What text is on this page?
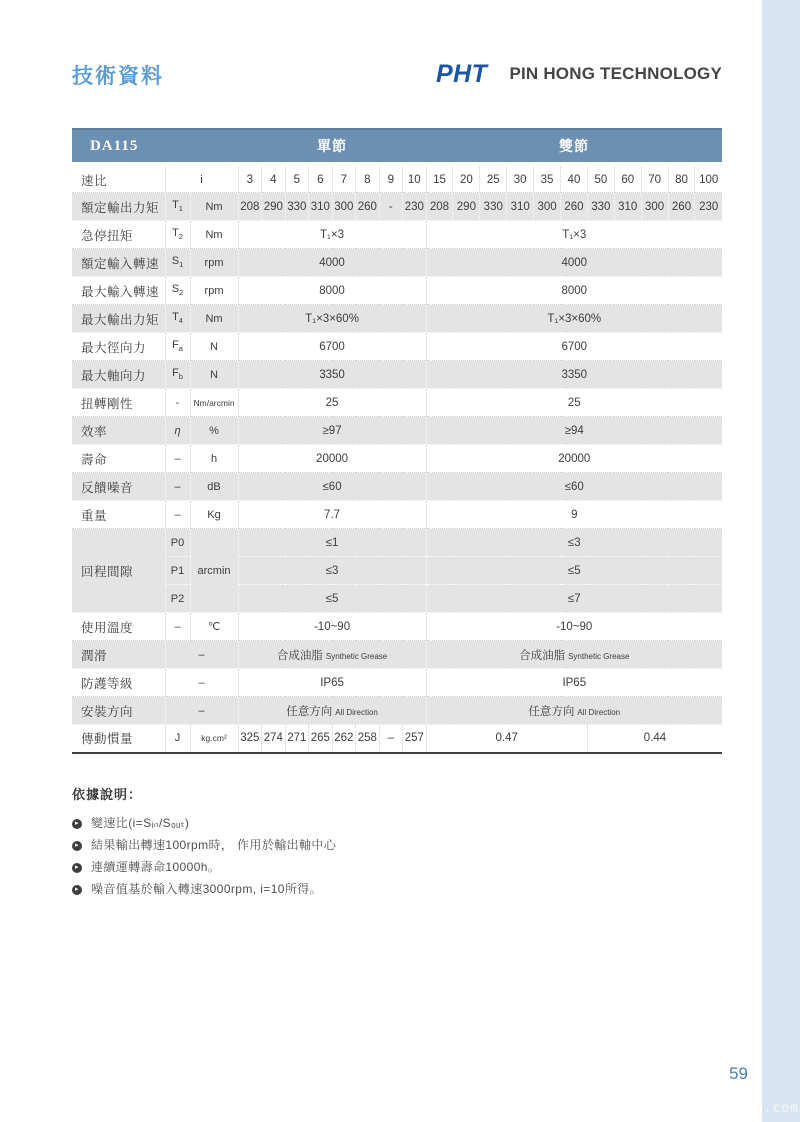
技術資料	PHT PIN HONG TECHNOLOGY
DA115			單節								雙節										
速比	i		3	4	5	6	7	8	9	10	15	20	25	30	35	40	50	60	70	80	100
額定輸出力矩	$T_1$	Nm	208	290	330	310	300	260	-	230	208	290	330	310	300	260	330	310	300	260	230
急停扭矩	$T_2$	Nm	T₁×3								T₁×3										
額定輸入轉速	$S_1$	rpm	4000								4000										
最大輸入轉速	$S_2$	rpm	8000								8000										
最大輸出力矩	$T_4$	Nm	T₁×3×60%								T₁×3×60%										
最大徑向力	$F_a$	N	6700								6700										
最大軸向力	$F_b$	N	3350								3350										
扭轉剛性	-	Nm/arcmin	25								25										
效率	η	%	≥97								≥94										
壽命	–	h	20000								20000										
反饋噪音	–	dB	≤60								≤60										
重量	–	Kg	7.7								9										
回程間隙	P0	arcmin	≤1								≤3										
	P1		≤3								≤5										
	P2		≤5								≤7										
使用溫度	–	℃	-10~90								-10~90										
潤滑	–		合成油脂 Synthetic Grease								合成油脂 Synthetic Grease										
防護等級	–		IP65								IP65										
安裝方向	–		任意方向 All Direction								任意方向 All Direction										
傳動慣量	J	kg.cm²	325	274	271	265	262	258	–	257	0.47						0.44				

依據說明：

▸
變速比(i=Sᵢₙ/Sₒᵤₜ)
▸
結果輸出轉速100rpm時， 作用於輸出軸中心
▸
連續運轉壽命10000h。
▸
噪音值基於輸入轉速3000rpm, i=10所得。
59
i.com
